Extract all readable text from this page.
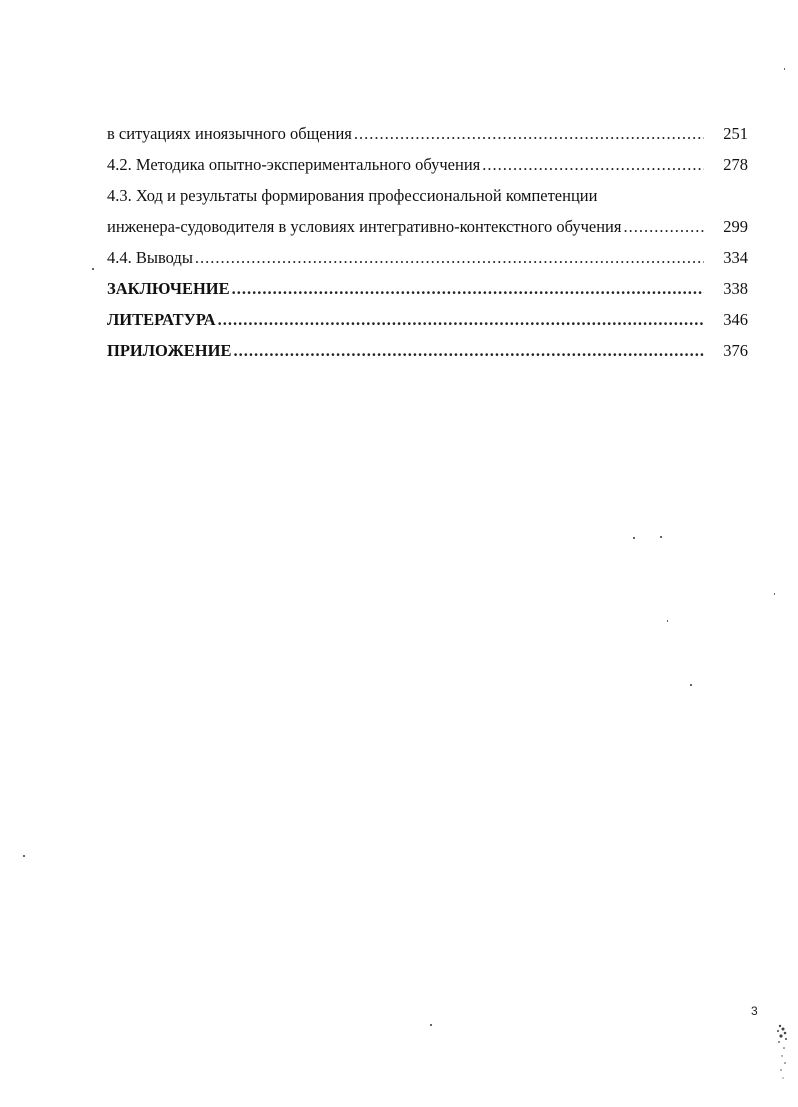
в ситуациях иноязычного общения .....	251
4.2. Методика опытно-экспериментального обучения .....	278
4.3. Ход и результаты формирования профессиональной компетенции
инженера-судоводителя в условиях интегративно-контекстного обучения .....	299
4.4. Выводы .....	334
ЗАКЛЮЧЕНИЕ .....	338
ЛИТЕРАТУРА .....	346
ПРИЛОЖЕНИЕ .....	376
3
